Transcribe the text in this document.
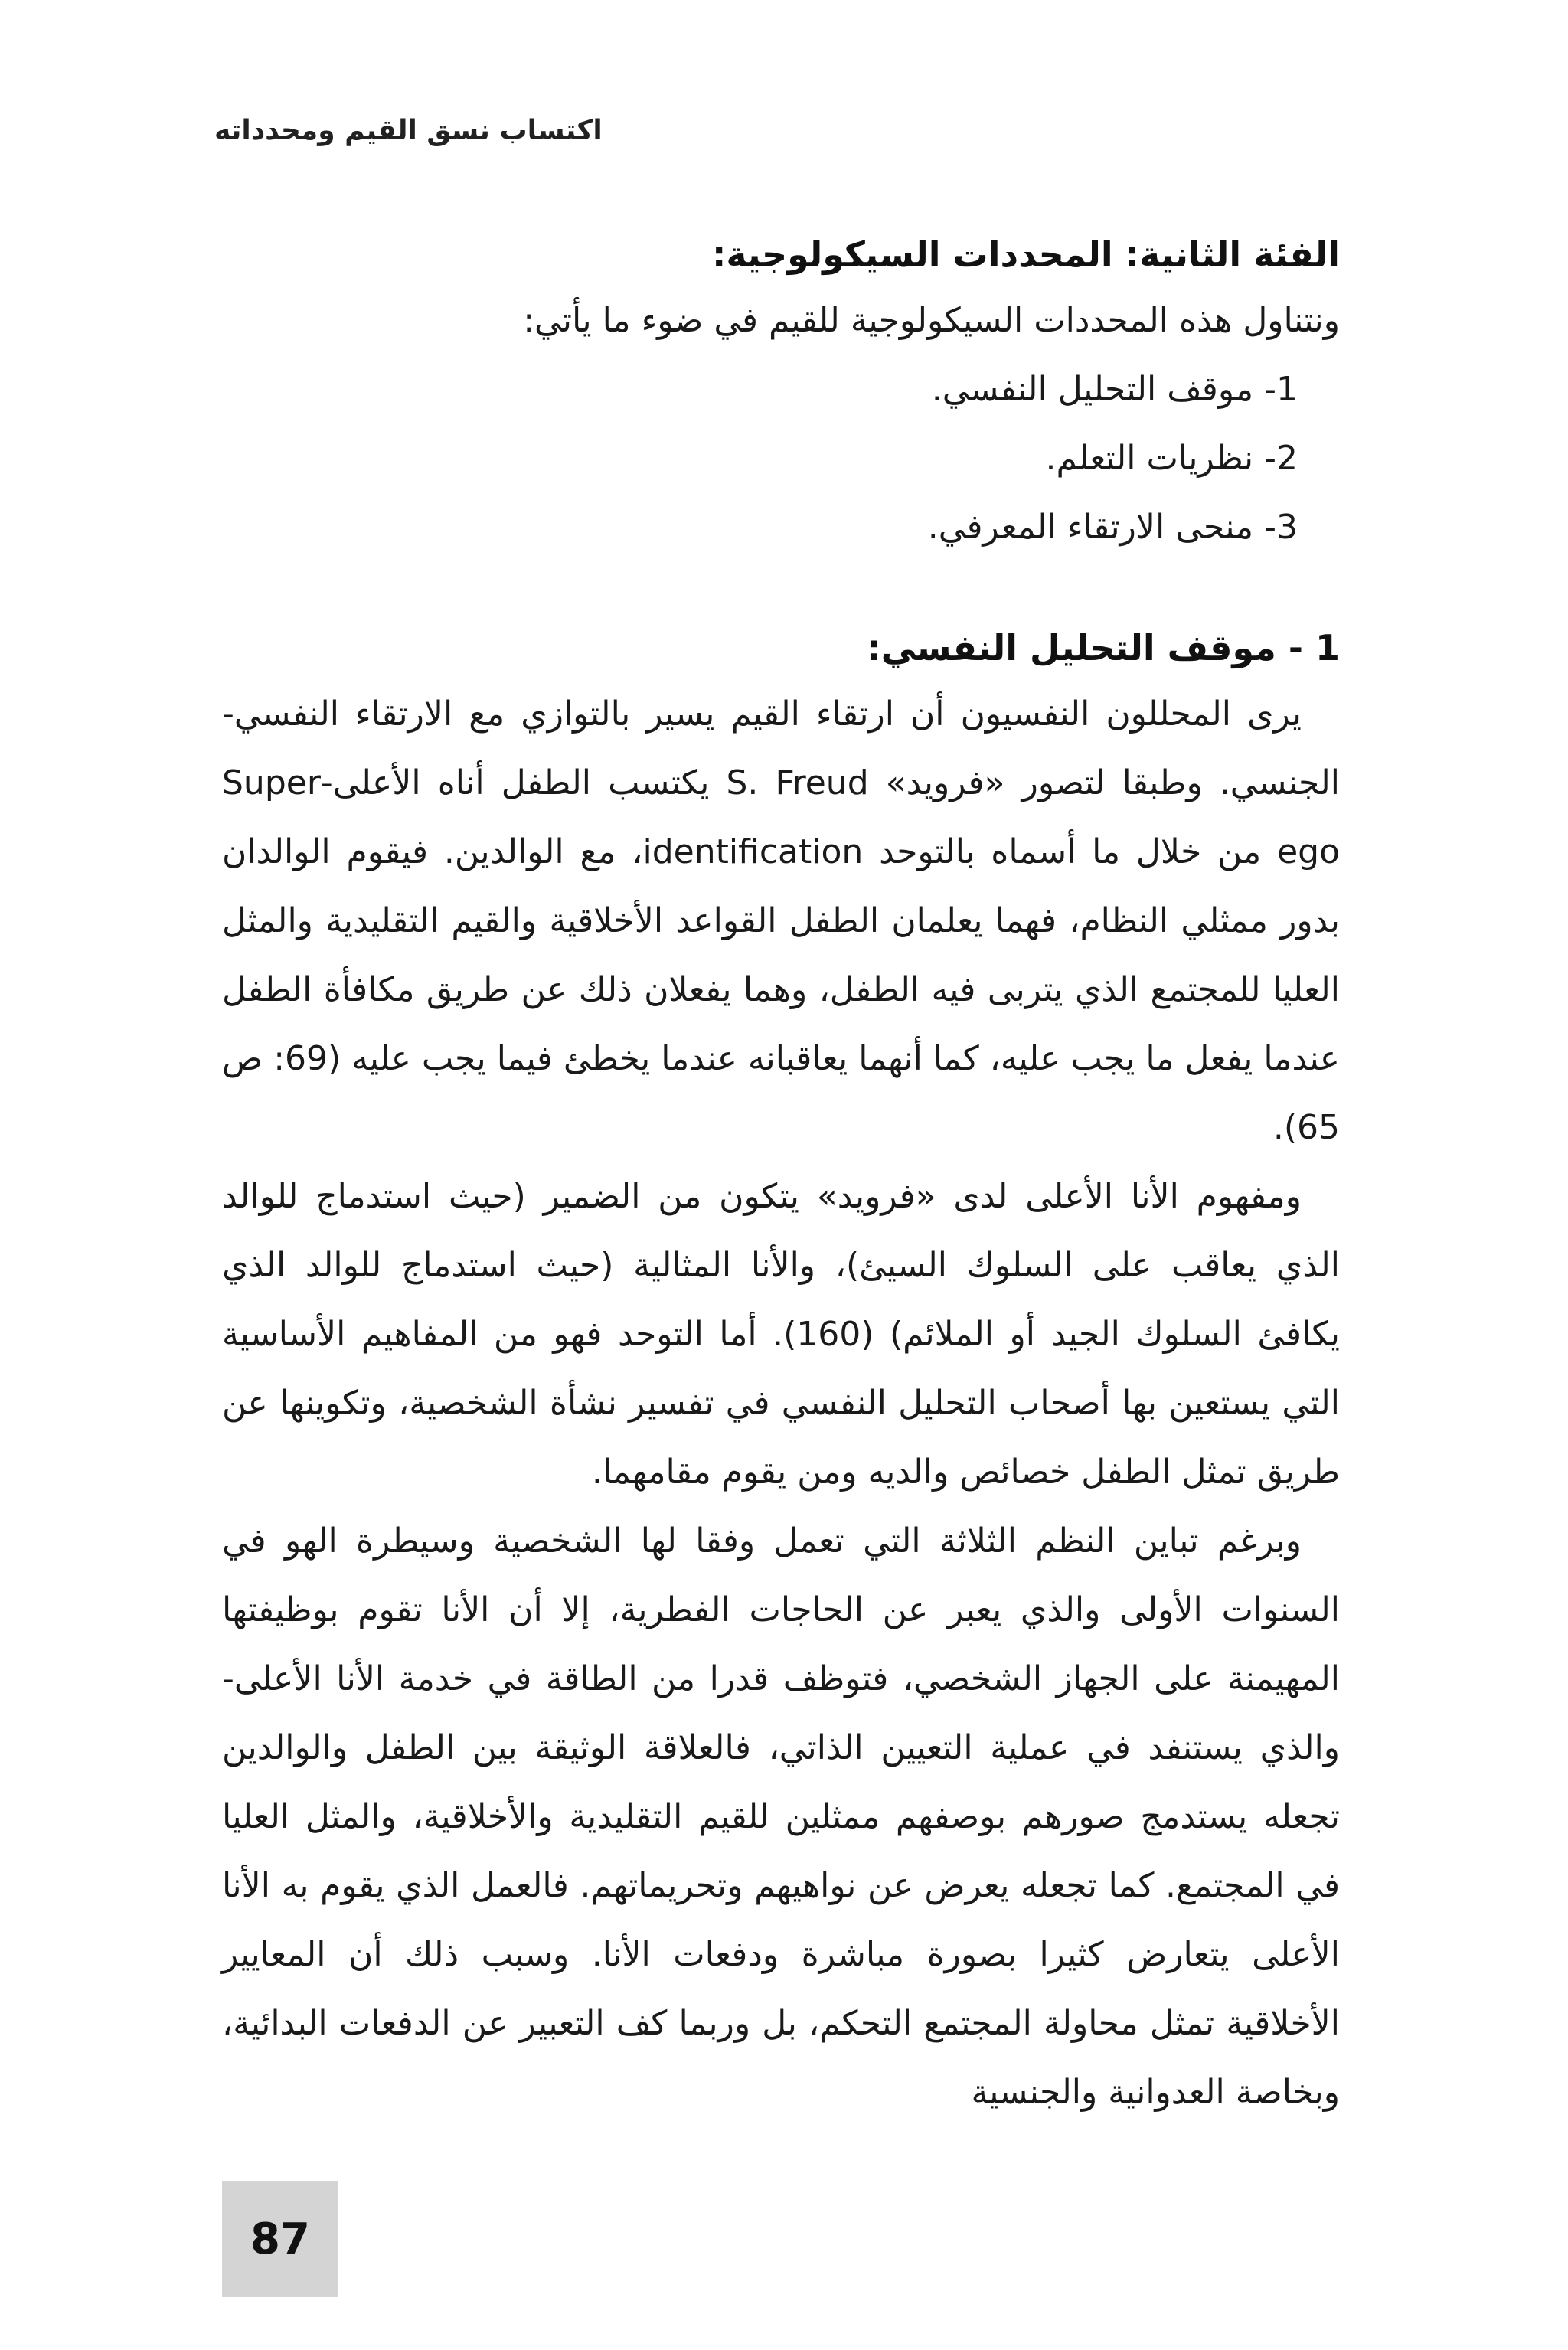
اكتساب نسق القيم ومحدداته
الفئة الثانية: المحددات السيكولوجية:

ونتناول هذه المحددات السيكولوجية للقيم في ضوء ما يأتي:

1- موقف التحليل النفسي.
2- نظريات التعلم.
3- منحى الارتقاء المعرفي.
1 - موقف التحليل النفسي:

يرى المحللون النفسيون أن ارتقاء القيم يسير بالتوازي مع الارتقاء النفسي-الجنسي. وطبقا لتصور «فرويد» S. Freud يكتسب الطفل أناه الأعلى-Super ego من خلال ما أسماه بالتوحد identification، مع الوالدين. فيقوم الوالدان بدور ممثلي النظام، فهما يعلمان الطفل القواعد الأخلاقية والقيم التقليدية والمثل العليا للمجتمع الذي يتربى فيه الطفل، وهما يفعلان ذلك عن طريق مكافأة الطفل عندما يفعل ما يجب عليه، كما أنهما يعاقبانه عندما يخطئ فيما يجب عليه (69: ص 65).

ومفهوم الأنا الأعلى لدى «فرويد» يتكون من الضمير (حيث استدماج للوالد الذي يعاقب على السلوك السيئ)، والأنا المثالية (حيث استدماج للوالد الذي يكافئ السلوك الجيد أو الملائم) (160). أما التوحد فهو من المفاهيم الأساسية التي يستعين بها أصحاب التحليل النفسي في تفسير نشأة الشخصية، وتكوينها عن طريق تمثل الطفل خصائص والديه ومن يقوم مقامهما.

وبرغم تباين النظم الثلاثة التي تعمل وفقا لها الشخصية وسيطرة الهو في السنوات الأولى والذي يعبر عن الحاجات الفطرية، إلا أن الأنا تقوم بوظيفتها المهيمنة على الجهاز الشخصي، فتوظف قدرا من الطاقة في خدمة الأنا الأعلى-والذي يستنفد في عملية التعيين الذاتي، فالعلاقة الوثيقة بين الطفل والوالدين تجعله يستدمج صورهم بوصفهم ممثلين للقيم التقليدية والأخلاقية، والمثل العليا في المجتمع. كما تجعله يعرض عن نواهيهم وتحريماتهم. فالعمل الذي يقوم به الأنا الأعلى يتعارض كثيرا بصورة مباشرة ودفعات الأنا. وسبب ذلك أن المعايير الأخلاقية تمثل محاولة المجتمع التحكم، بل وربما كف التعبير عن الدفعات البدائية، وبخاصة العدوانية والجنسية

87
